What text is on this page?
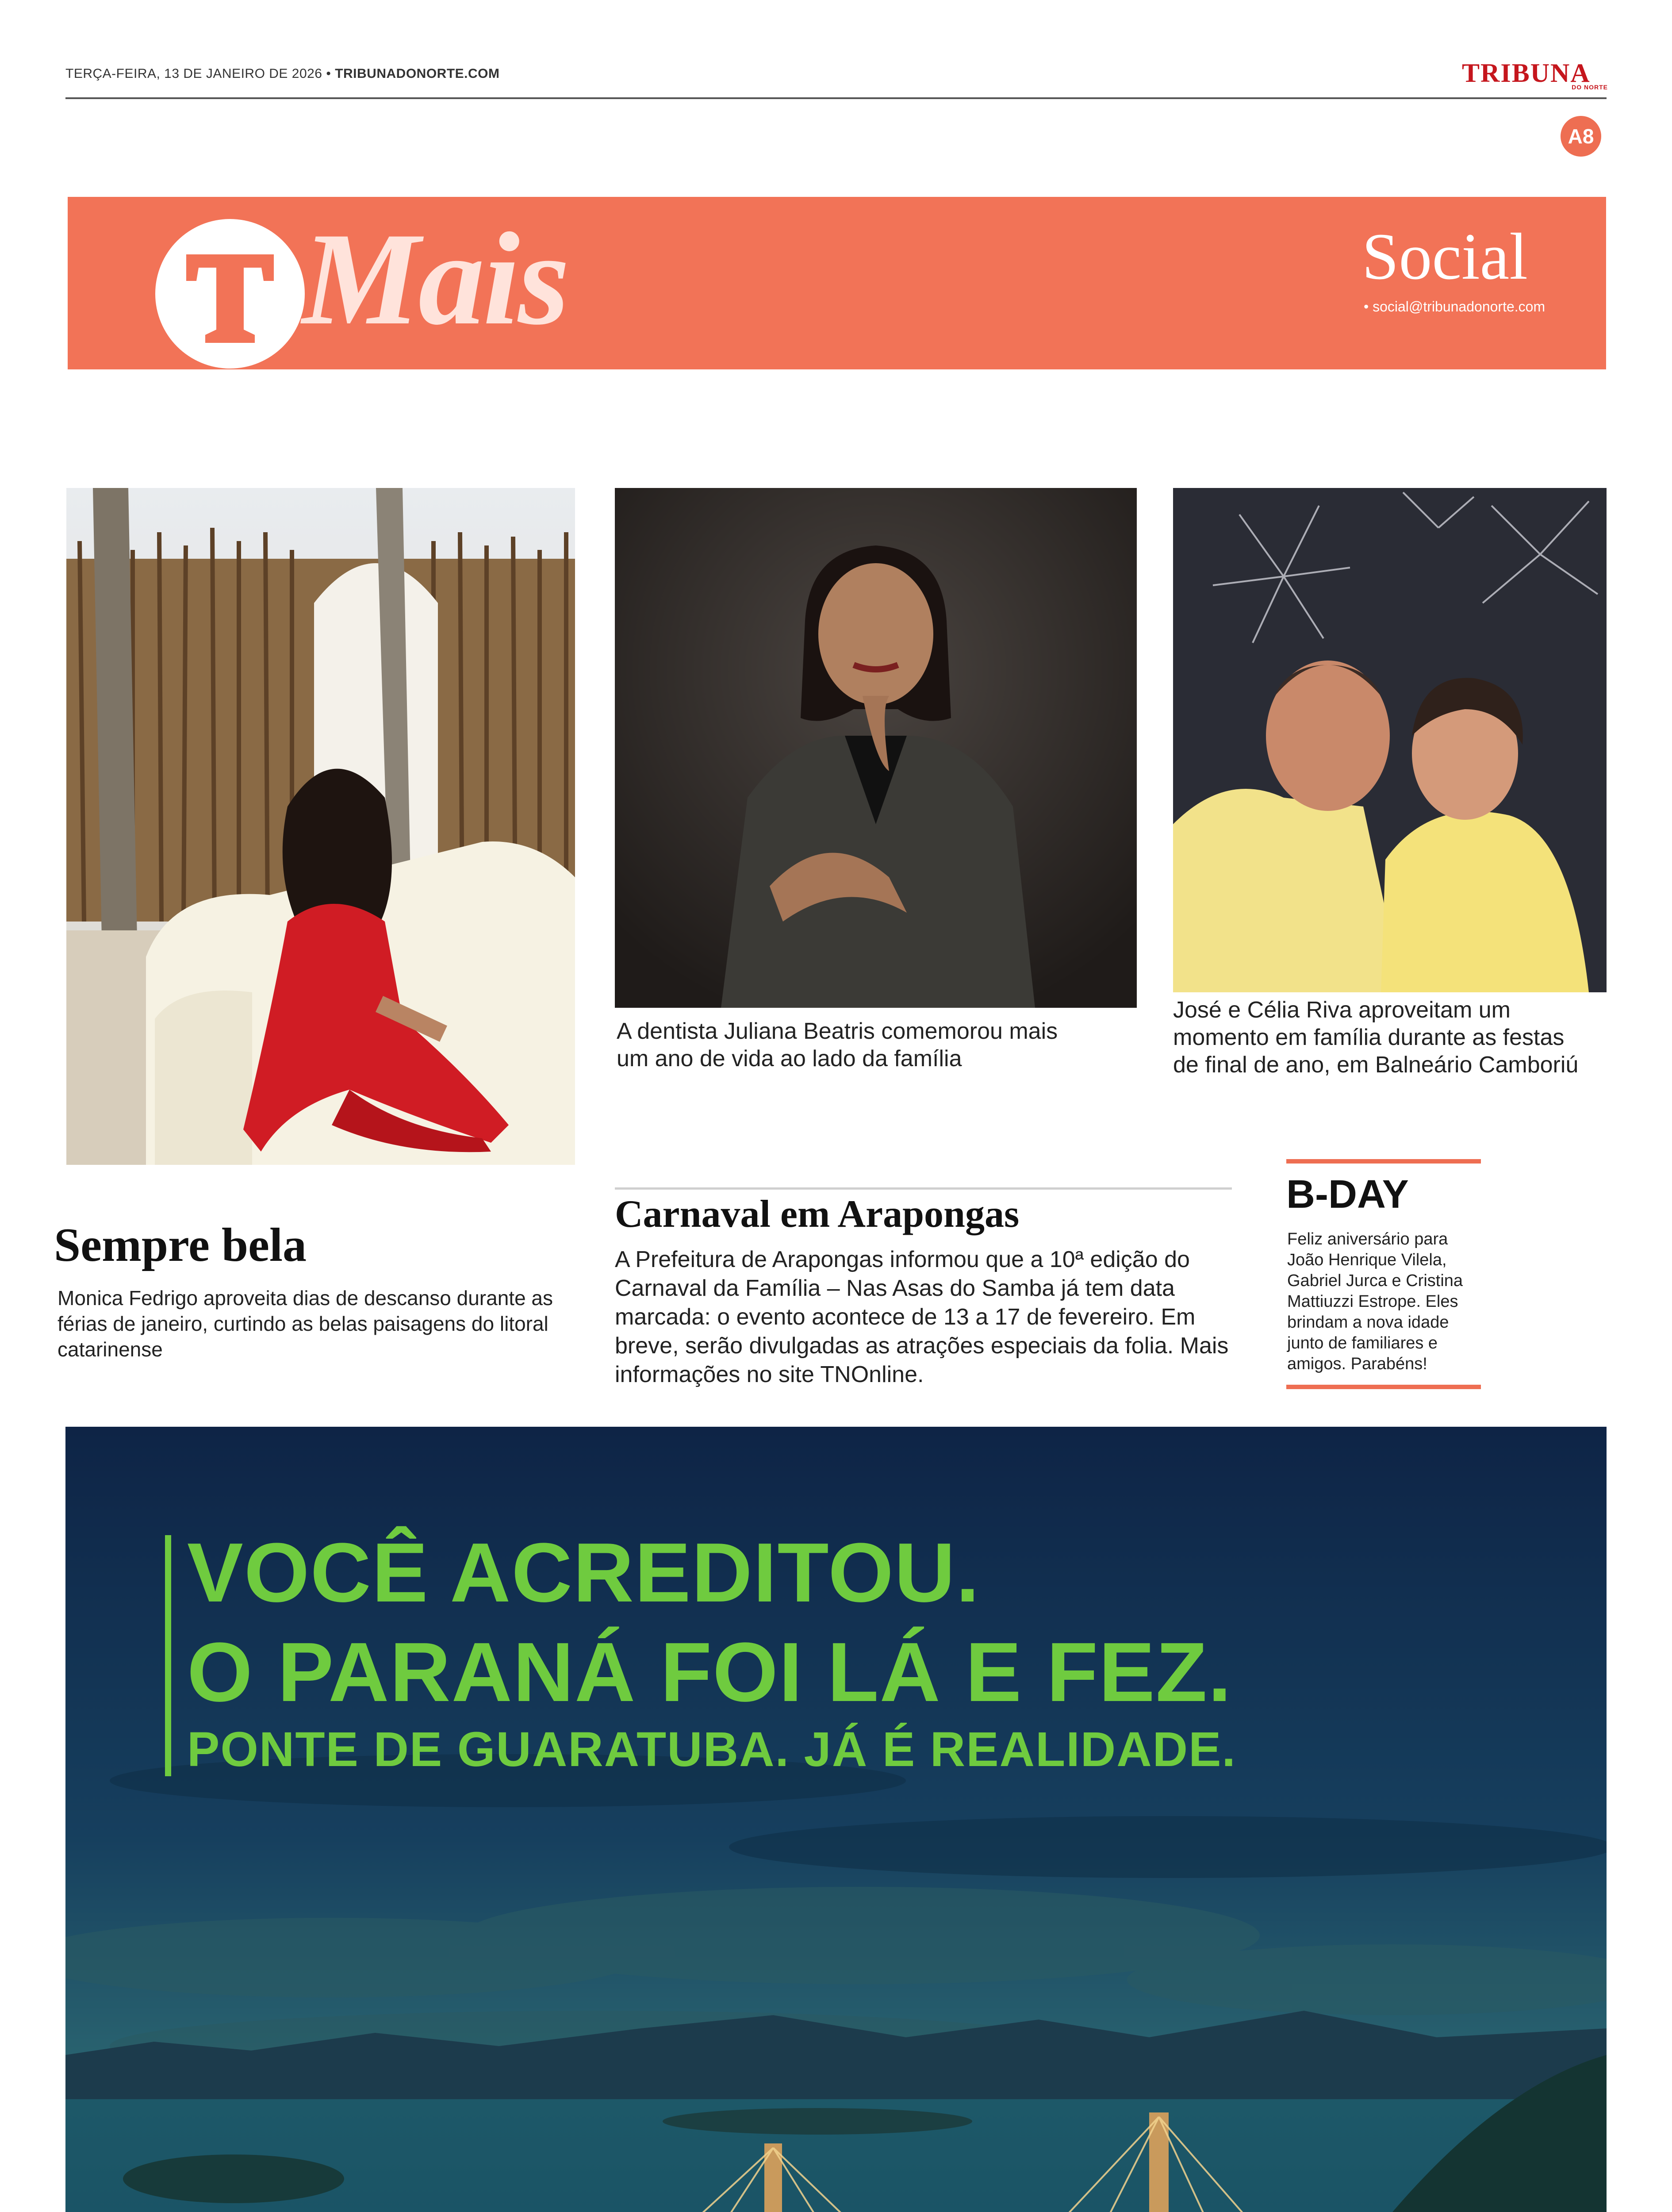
TERÇA-FEIRA, 13 DE JANEIRO DE 2026 • TRIBUNADONORTE.COM	TRIBUNA
DO NORTE
A8
Mais	Social
• social@tribunadonorte.com
A dentista Juliana Beatris comemorou mais
um ano de vida ao lado da família
José e Célia Riva aproveitam um
momento em família durante as festas
de final de ano, em Balneário Camboriú
Sempre bela
Monica Fedrigo aproveita dias de descanso durante as
férias de janeiro, curtindo as belas paisagens do litoral
catarinense
Carnaval em Arapongas
A Prefeitura de Arapongas informou que a 10ª edição do
Carnaval da Família – Nas Asas do Samba já tem data
marcada: o evento acontece de 13 a 17 de fevereiro. Em
breve, serão divulgadas as atrações especiais da folia. Mais
informações no site TNOnline.
B-DAY
Feliz aniversário para
João Henrique Vilela,
Gabriel Jurca e Cristina
Mattiuzzi Estrope. Eles
brindam a nova idade
junto de familiares e
amigos. Parabéns!
VOCÊ ACREDITOU.
O PARANÁ FOI LÁ E FEZ.
PONTE DE GUARATUBA. JÁ É REALIDADE.
